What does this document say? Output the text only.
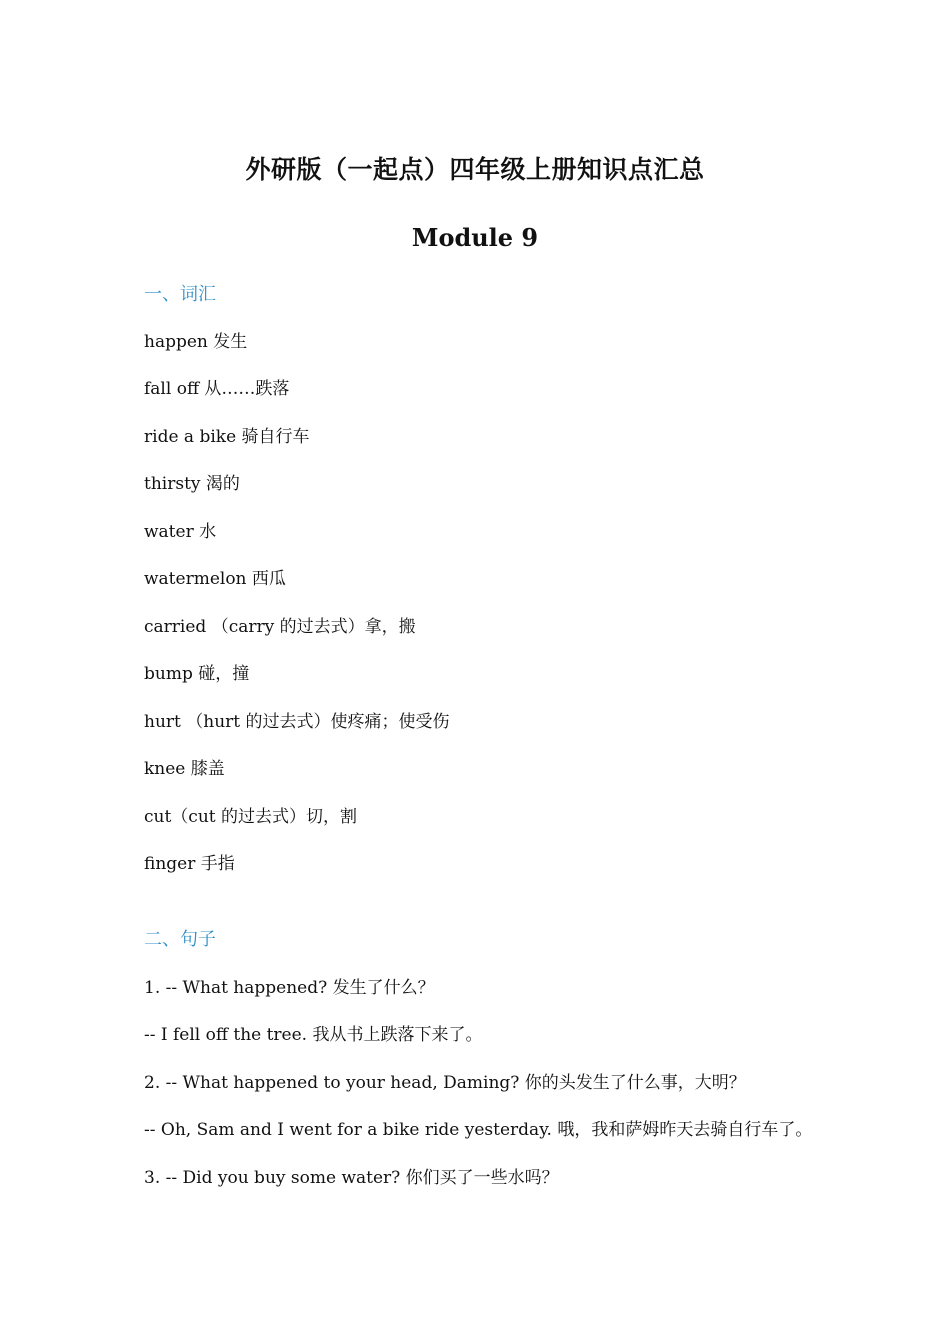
外研版（一起点）四年级上册知识点汇总
Module 9
一、词汇
happen 发生
fall off 从……跌落
ride a bike 骑自行车
thirsty 渴的
water 水
watermelon 西瓜
carried （carry 的过去式）拿，搬
bump 碰，撞
hurt （hurt 的过去式）使疼痛；使受伤
knee 膝盖
cut（cut 的过去式）切，割
finger 手指
二、句子
1. -- What happened? 发生了什么？
-- I fell off the tree. 我从书上跌落下来了。
2. -- What happened to your head, Daming? 你的头发生了什么事，大明？
-- Oh, Sam and I went for a bike ride yesterday. 哦，我和萨姆昨天去骑自行车了。
3. -- Did you buy some water? 你们买了一些水吗？
